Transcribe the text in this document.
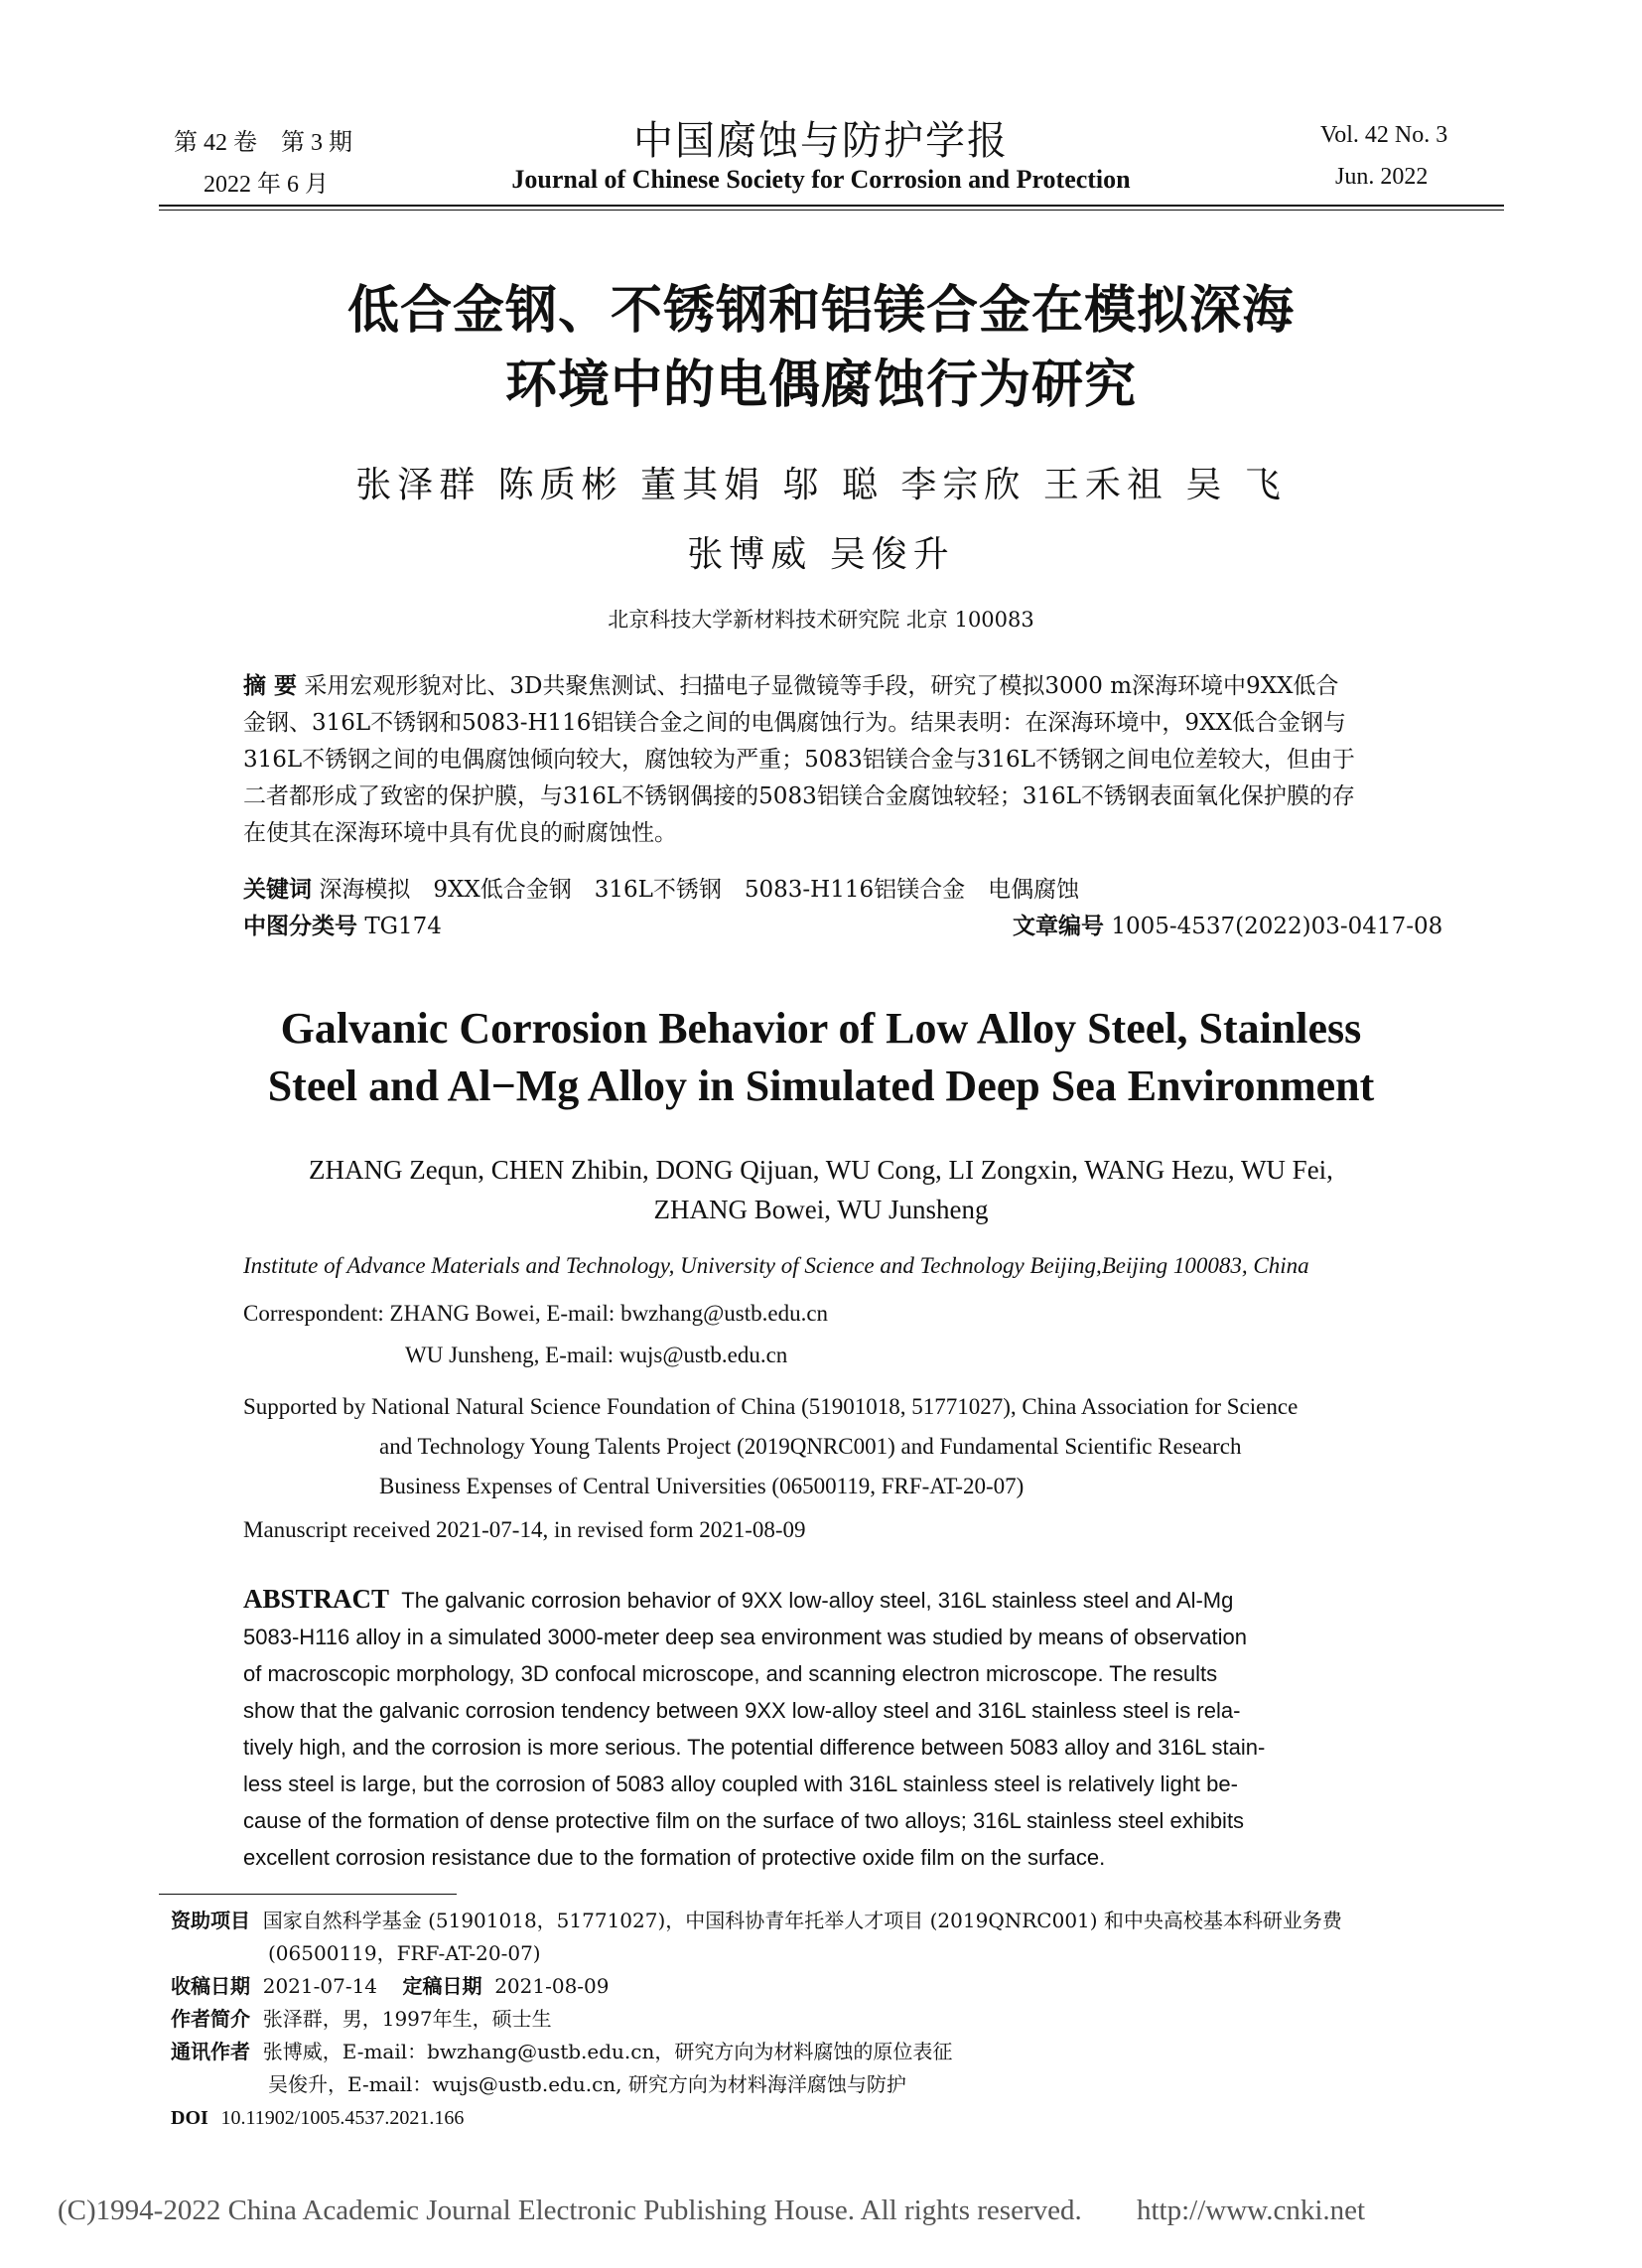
第 42 卷　第 3 期
2022 年 6 月
中国腐蚀与防护学报
Journal of Chinese Society for Corrosion and Protection
Vol. 42 No. 3
Jun. 2022
低合金钢、不锈钢和铝镁合金在模拟深海
环境中的电偶腐蚀行为研究
张泽群 陈质彬 董其娟 邬 聪 李宗欣 王禾祖 吴 飞
张博威 吴俊升
北京科技大学新材料技术研究院 北京 100083
摘 要 采用宏观形貌对比、3D共聚焦测试、扫描电子显微镜等手段，研究了模拟3000 m深海环境中9XX低合
金钢、316L不锈钢和5083-H116铝镁合金之间的电偶腐蚀行为。结果表明：在深海环境中，9XX低合金钢与
316L不锈钢之间的电偶腐蚀倾向较大，腐蚀较为严重；5083铝镁合金与316L不锈钢之间电位差较大，但由于
二者都形成了致密的保护膜，与316L不锈钢偶接的5083铝镁合金腐蚀较轻；316L不锈钢表面氧化保护膜的存
在使其在深海环境中具有优良的耐腐蚀性。
关键词 深海模拟　9XX低合金钢　316L不锈钢　5083-H116铝镁合金　电偶腐蚀
中图分类号 TG174	文章编号 1005-4537(2022)03-0417-08
Galvanic Corrosion Behavior of Low Alloy Steel, Stainless
Steel and Al−Mg Alloy in Simulated Deep Sea Environment
ZHANG Zequn, CHEN Zhibin, DONG Qijuan, WU Cong, LI Zongxin, WANG Hezu, WU Fei,
ZHANG Bowei, WU Junsheng
Institute of Advance Materials and Technology, University of Science and Technology Beijing,Beijing 100083, China
Correspondent: ZHANG Bowei, E-mail: bwzhang@ustb.edu.cn
WU Junsheng, E-mail: wujs@ustb.edu.cn
Supported by National Natural Science Foundation of China (51901018, 51771027), China Association for Science
and Technology Young Talents Project (2019QNRC001) and Fundamental Scientific Research
Business Expenses of Central Universities (06500119, FRF-AT-20-07)
Manuscript received 2021-07-14, in revised form 2021-08-09
ABSTRACT The galvanic corrosion behavior of 9XX low-alloy steel, 316L stainless steel and Al-Mg
5083-H116 alloy in a simulated 3000-meter deep sea environment was studied by means of observation
of macroscopic morphology, 3D confocal microscope, and scanning electron microscope. The results
show that the galvanic corrosion tendency between 9XX low-alloy steel and 316L stainless steel is rela-
tively high, and the corrosion is more serious. The potential difference between 5083 alloy and 316L stain-
less steel is large, but the corrosion of 5083 alloy coupled with 316L stainless steel is relatively light be-
cause of the formation of dense protective film on the surface of two alloys; 316L stainless steel exhibits
excellent corrosion resistance due to the formation of protective oxide film on the surface.
资助项目 国家自然科学基金 (51901018，51771027)，中国科协青年托举人才项目 (2019QNRC001) 和中央高校基本科研业务费
(06500119，FRF-AT-20-07)
收稿日期 2021-07-14 定稿日期 2021-08-09
作者简介 张泽群，男，1997年生，硕士生
通讯作者 张博威，E-mail：bwzhang@ustb.edu.cn，研究方向为材料腐蚀的原位表征
吴俊升，E-mail：wujs@ustb.edu.cn, 研究方向为材料海洋腐蚀与防护
DOI 10.11902/1005.4537.2021.166
(C)1994-2022 China Academic Journal Electronic Publishing House. All rights reserved. http://www.cnki.net
